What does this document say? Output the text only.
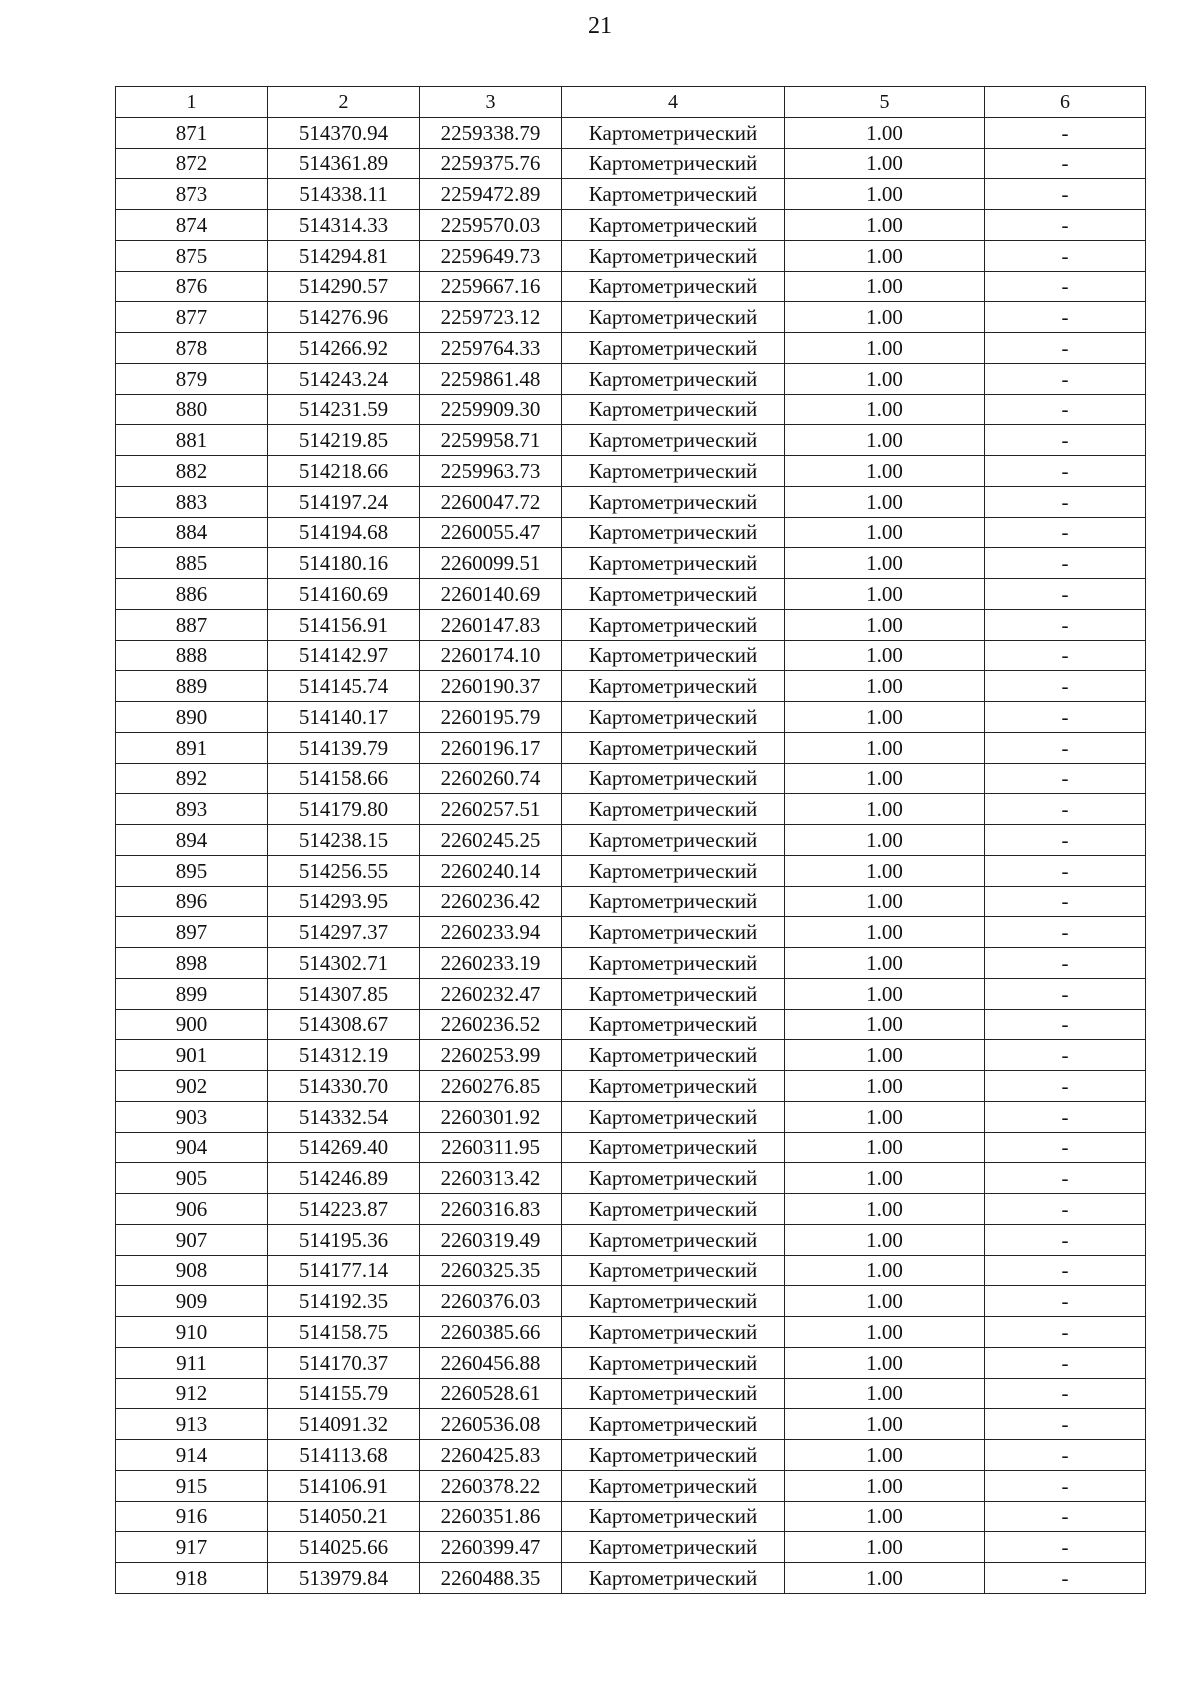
21
1	2	3	4	5	6
871	514370.94	2259338.79	Картометрический	1.00	-
872	514361.89	2259375.76	Картометрический	1.00	-
873	514338.11	2259472.89	Картометрический	1.00	-
874	514314.33	2259570.03	Картометрический	1.00	-
875	514294.81	2259649.73	Картометрический	1.00	-
876	514290.57	2259667.16	Картометрический	1.00	-
877	514276.96	2259723.12	Картометрический	1.00	-
878	514266.92	2259764.33	Картометрический	1.00	-
879	514243.24	2259861.48	Картометрический	1.00	-
880	514231.59	2259909.30	Картометрический	1.00	-
881	514219.85	2259958.71	Картометрический	1.00	-
882	514218.66	2259963.73	Картометрический	1.00	-
883	514197.24	2260047.72	Картометрический	1.00	-
884	514194.68	2260055.47	Картометрический	1.00	-
885	514180.16	2260099.51	Картометрический	1.00	-
886	514160.69	2260140.69	Картометрический	1.00	-
887	514156.91	2260147.83	Картометрический	1.00	-
888	514142.97	2260174.10	Картометрический	1.00	-
889	514145.74	2260190.37	Картометрический	1.00	-
890	514140.17	2260195.79	Картометрический	1.00	-
891	514139.79	2260196.17	Картометрический	1.00	-
892	514158.66	2260260.74	Картометрический	1.00	-
893	514179.80	2260257.51	Картометрический	1.00	-
894	514238.15	2260245.25	Картометрический	1.00	-
895	514256.55	2260240.14	Картометрический	1.00	-
896	514293.95	2260236.42	Картометрический	1.00	-
897	514297.37	2260233.94	Картометрический	1.00	-
898	514302.71	2260233.19	Картометрический	1.00	-
899	514307.85	2260232.47	Картометрический	1.00	-
900	514308.67	2260236.52	Картометрический	1.00	-
901	514312.19	2260253.99	Картометрический	1.00	-
902	514330.70	2260276.85	Картометрический	1.00	-
903	514332.54	2260301.92	Картометрический	1.00	-
904	514269.40	2260311.95	Картометрический	1.00	-
905	514246.89	2260313.42	Картометрический	1.00	-
906	514223.87	2260316.83	Картометрический	1.00	-
907	514195.36	2260319.49	Картометрический	1.00	-
908	514177.14	2260325.35	Картометрический	1.00	-
909	514192.35	2260376.03	Картометрический	1.00	-
910	514158.75	2260385.66	Картометрический	1.00	-
911	514170.37	2260456.88	Картометрический	1.00	-
912	514155.79	2260528.61	Картометрический	1.00	-
913	514091.32	2260536.08	Картометрический	1.00	-
914	514113.68	2260425.83	Картометрический	1.00	-
915	514106.91	2260378.22	Картометрический	1.00	-
916	514050.21	2260351.86	Картометрический	1.00	-
917	514025.66	2260399.47	Картометрический	1.00	-
918	513979.84	2260488.35	Картометрический	1.00	-
